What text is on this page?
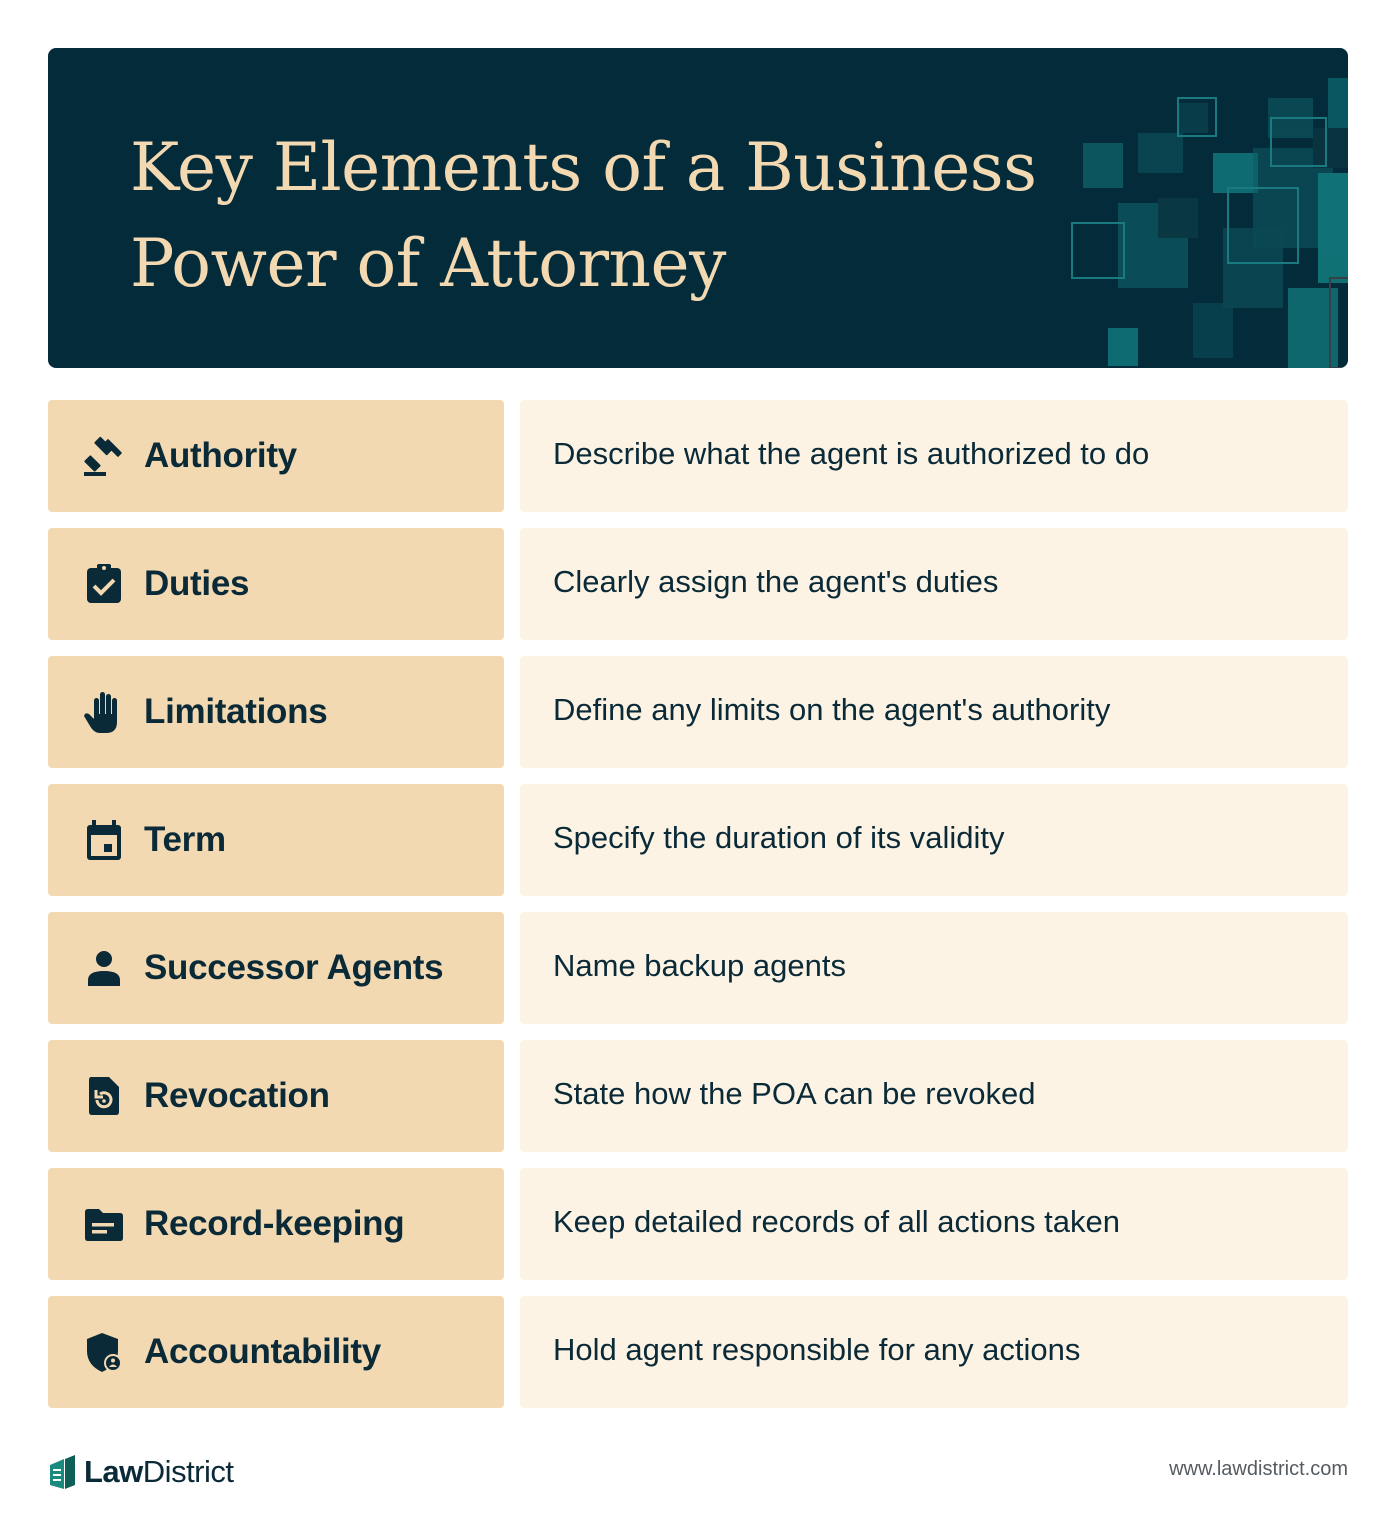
Key Elements of a Business
Power of Attorney
Authority	Describe what the agent is authorized to do
Duties	Clearly assign the agent's duties
Limitations	Define any limits on the agent's authority
Term	Specify the duration of its validity
Successor Agents	Name backup agents
Revocation	State how the POA can be revoked
Record-keeping	Keep detailed records of all actions taken
Accountability	Hold agent responsible for any actions
LawDistrict	www.lawdistrict.com
